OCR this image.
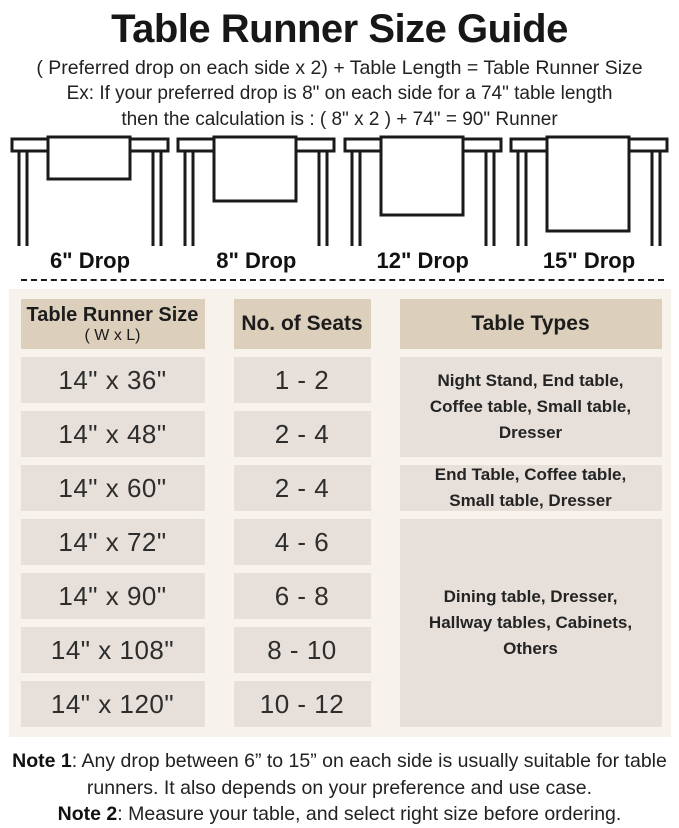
Table Runner Size Guide

( Preferred drop on each side x 2) + Table Length = Table Runner Size

Ex: If your preferred drop is 8" on each side for a 74" table length

then the calculation is : ( 8" x 2 ) + 74" = 90" Runner

6" Drop	8" Drop	12" Drop	15" Drop
Table Runner Size
( W x L)	No. of Seats	Table Types
14" x 36"	1 - 2	Night Stand, End table, Coffee table, Small table, Dresser
14" x 48"	2 - 4
14" x 60"	2 - 4	End Table, Coffee table, Small table, Dresser
14" x 72"	4 - 6
Dining table, Dresser, Hallway tables, Cabinets, Others
14" x 90"	6 - 8
14" x 108"	8 - 10
14" x 120"	10 - 12

Note 1: Any drop between 6” to 15” on each side is usually suitable for table runners. It also depends on your preference and use case.

Note 2: Measure your table, and select right size before ordering.
